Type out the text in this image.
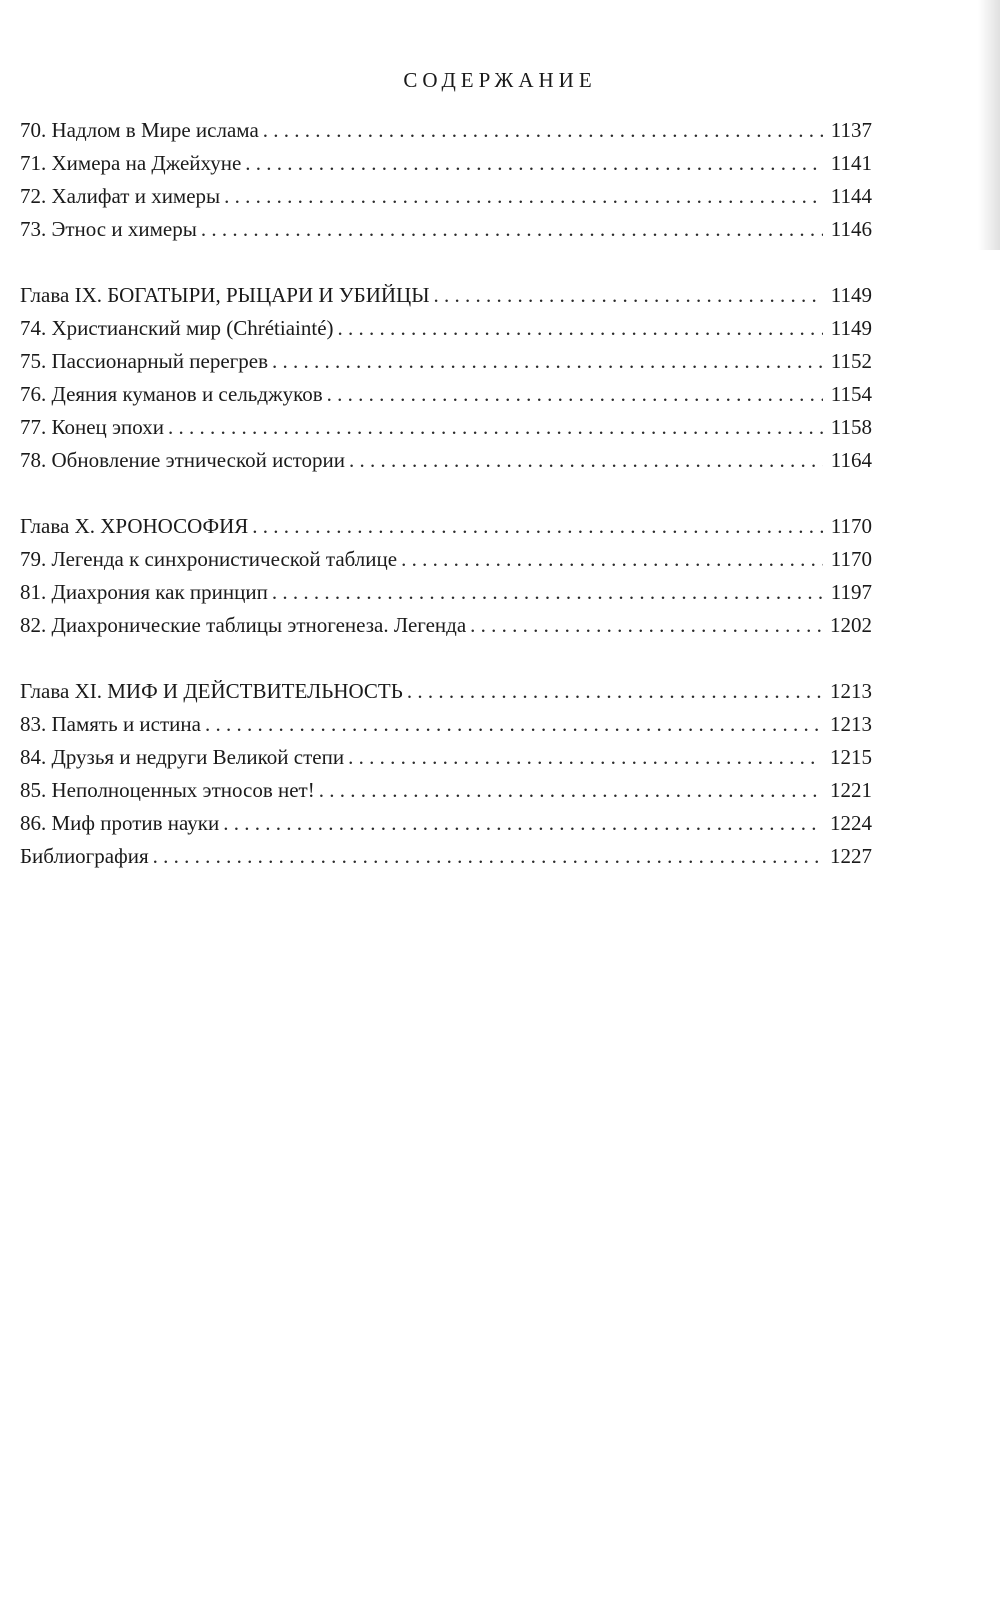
СОДЕРЖАНИЕ
70. Надлом в Мире ислама . . .	1137
71. Химера на Джейхуне . . .	1141
72. Халифат и химеры . . .	1144
73. Этнос и химеры . . .	1146
Глава IX. БОГАТЫРИ, РЫЦАРИ И УБИЙЦЫ . . .	1149
74. Христианский мир (Chrétiainté) . . .	1149
75. Пассионарный перегрев . . .	1152
76. Деяния куманов и сельджуков . . .	1154
77. Конец эпохи . . .	1158
78. Обновление этнической истории . . .	1164
Глава X. ХРОНОСОФИЯ . . .	1170
79. Легенда к синхронистической таблице . . .	1170
81. Диахрония как принцип . . .	1197
82. Диахронические таблицы этногенеза. Легенда . . .	1202
Глава XI. МИФ И ДЕЙСТВИТЕЛЬНОСТЬ . . .	1213
83. Память и истина . . .	1213
84. Друзья и недруги Великой степи . . .	1215
85. Неполноценных этносов нет! . . .	1221
86. Миф против науки . . .	1224
Библиография . . .	1227
